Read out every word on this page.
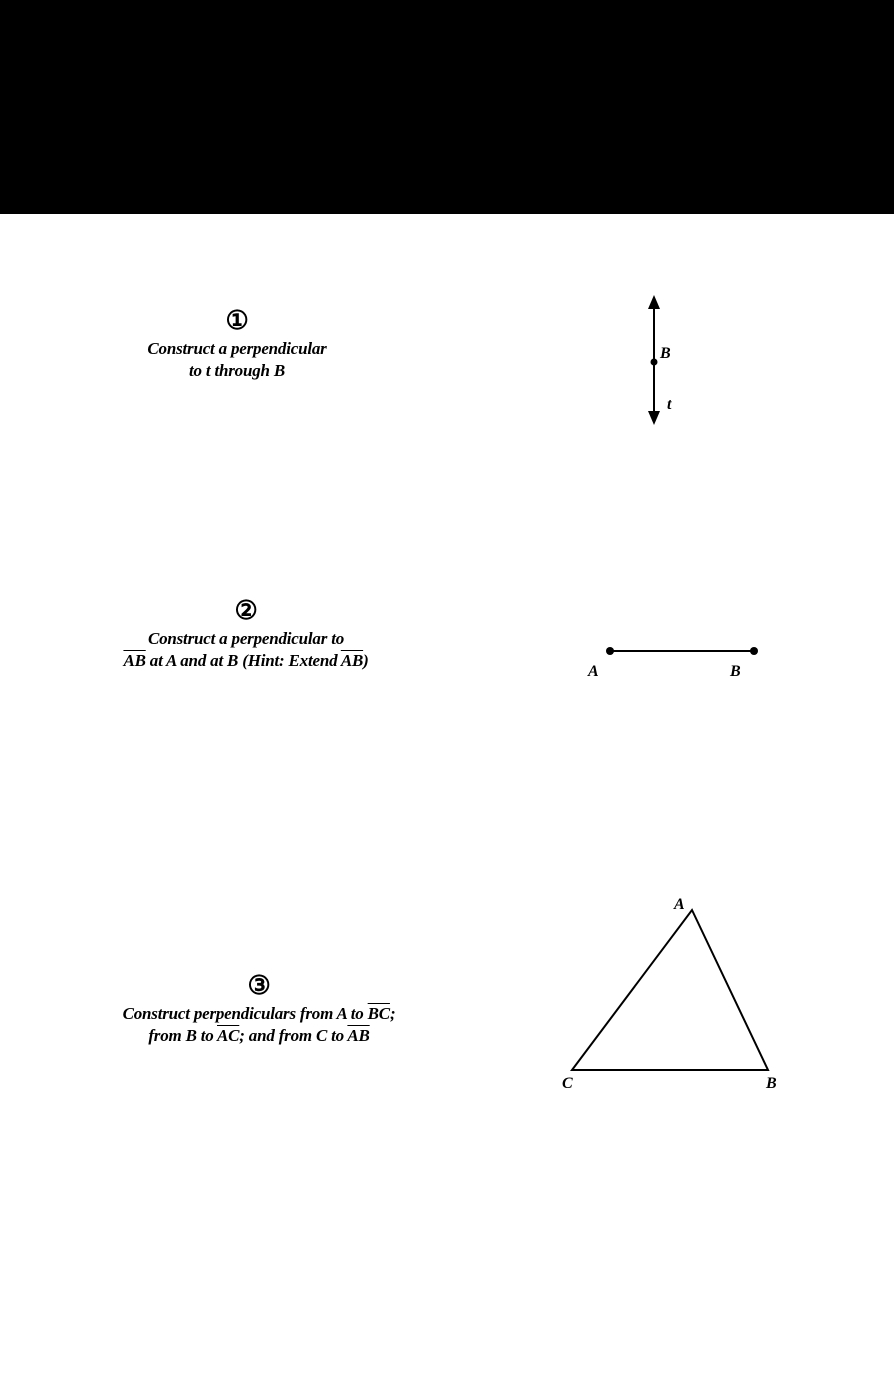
①
Construct a perpendicular
to t through B
B
t
②
Construct a perpendicular to
$\overline{AB}$ at A and at B (Hint: Extend $\overline{AB}$)
A	B
③
Construct perpendiculars from A to $\overline{BC}$;
from B to $\overline{AC}$; and from C to $\overline{AB}$
A
C	B
